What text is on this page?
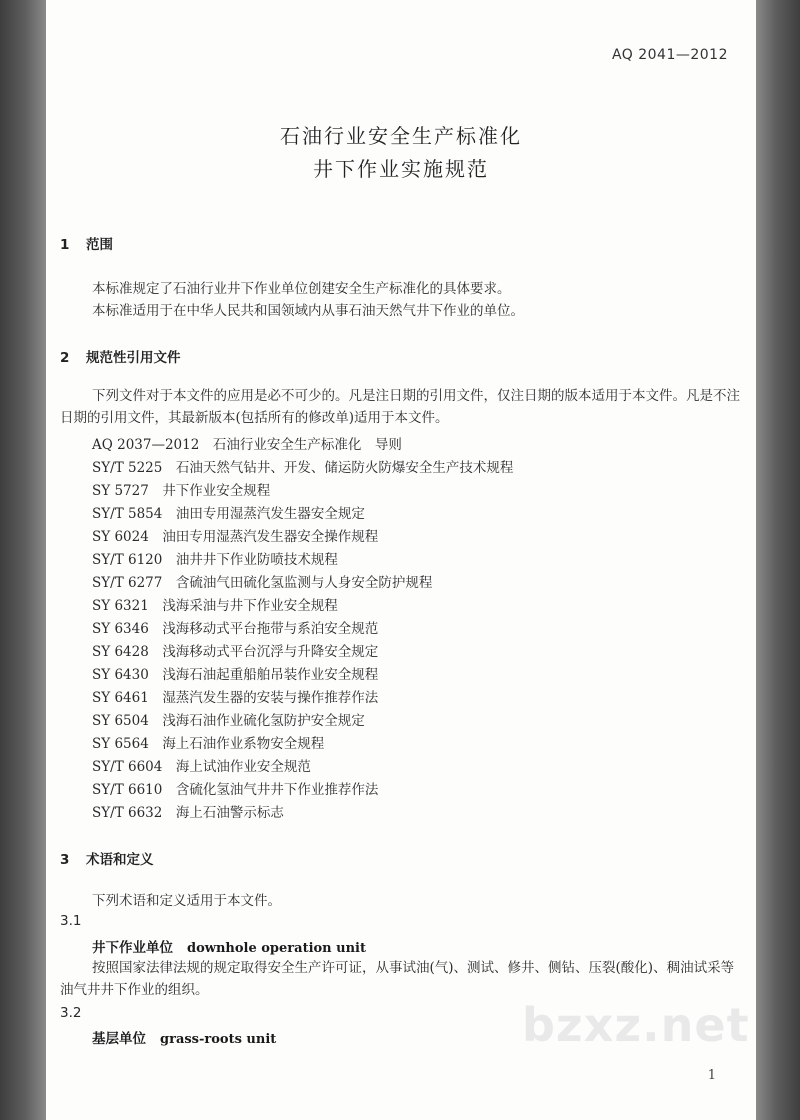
AQ 2041—2012
石油行业安全生产标准化
井下作业实施规范
1 范围
本标准规定了石油行业井下作业单位创建安全生产标准化的具体要求。
本标准适用于在中华人民共和国领域内从事石油天然气井下作业的单位。
2 规范性引用文件
下列文件对于本文件的应用是必不可少的。凡是注日期的引用文件，仅注日期的版本适用于本文件。凡是不注日期的引用文件，其最新版本(包括所有的修改单)适用于本文件。
AQ 2037—2012　 石油行业安全生产标准化　导则
SY/T 5225　 石油天然气钻井、开发、储运防火防爆安全生产技术规程
SY 5727　 井下作业安全规程
SY/T 5854　 油田专用湿蒸汽发生器安全规定
SY 6024　 油田专用湿蒸汽发生器安全操作规程
SY/T 6120　 油井井下作业防喷技术规程
SY/T 6277　 含硫油气田硫化氢监测与人身安全防护规程
SY 6321　 浅海采油与井下作业安全规程
SY 6346　 浅海移动式平台拖带与系泊安全规范
SY 6428　 浅海移动式平台沉浮与升降安全规定
SY 6430　 浅海石油起重船舶吊装作业安全规程
SY 6461　 湿蒸汽发生器的安装与操作推荐作法
SY 6504　 浅海石油作业硫化氢防护安全规定
SY 6564　 海上石油作业系物安全规程
SY/T 6604　 海上试油作业安全规范
SY/T 6610　 含硫化氢油气井井下作业推荐作法
SY/T 6632　 海上石油警示标志
3 术语和定义
下列术语和定义适用于本文件。
3.1
井下作业单位 downhole operation unit
按照国家法律法规的规定取得安全生产许可证，从事试油(气)、测试、修井、侧钻、压裂(酸化)、稠油试采等油气井井下作业的组织。
3.2
基层单位 grass-roots unit	bzxz.net
1
